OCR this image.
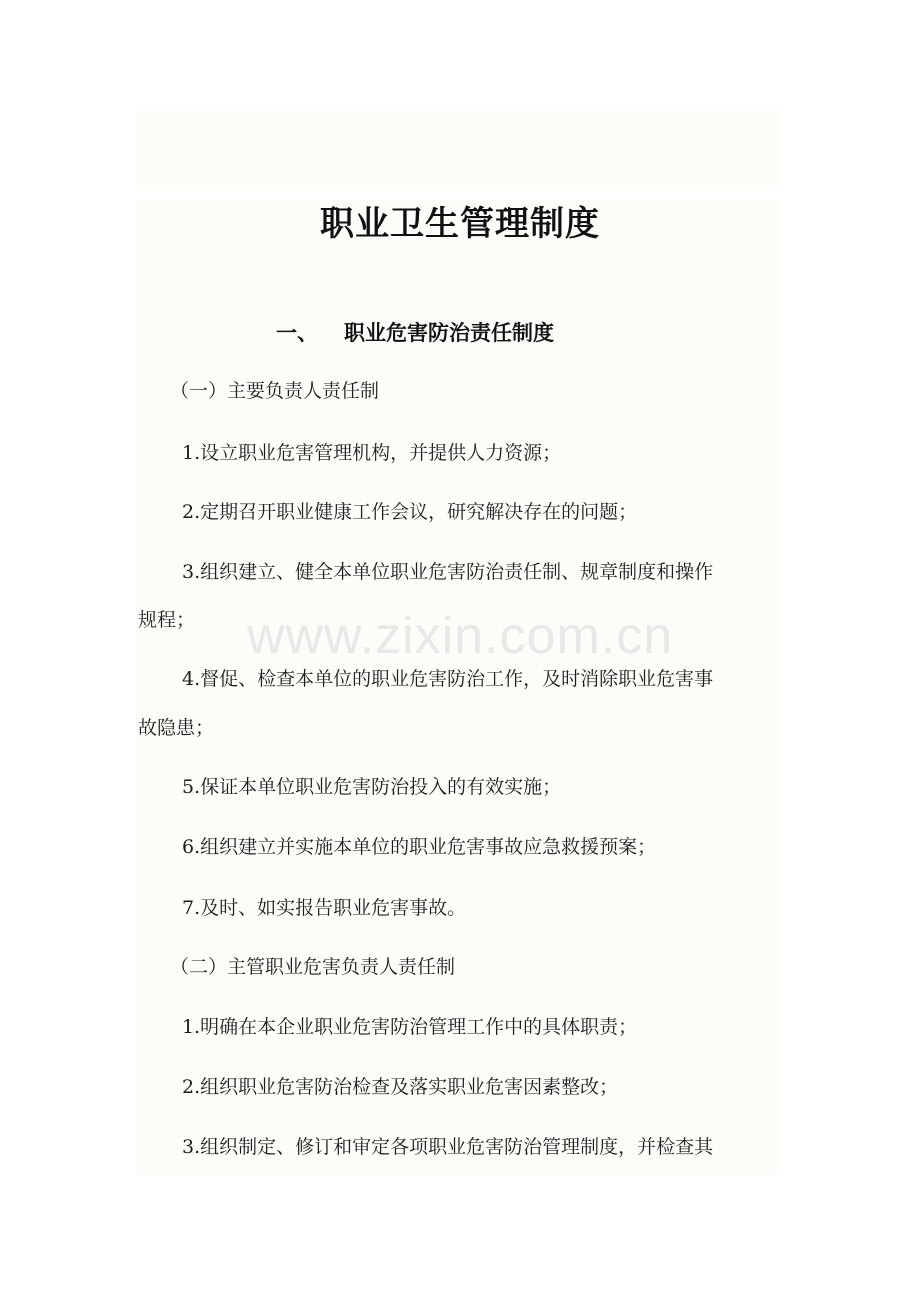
www.zixin.com.cn
职业卫生管理制度
一、 职业危害防治责任制度
（一）主要负责人责任制
1.设立职业危害管理机构，并提供人力资源；
2.定期召开职业健康工作会议，研究解决存在的问题；
3.组织建立、健全本单位职业危害防治责任制、规章制度和操作
规程；
4.督促、检查本单位的职业危害防治工作，及时消除职业危害事
故隐患；
5.保证本单位职业危害防治投入的有效实施；
6.组织建立并实施本单位的职业危害事故应急救援预案；
7.及时、如实报告职业危害事故。
（二）主管职业危害负责人责任制
1.明确在本企业职业危害防治管理工作中的具体职责；
2.组织职业危害防治检查及落实职业危害因素整改；
3.组织制定、修订和审定各项职业危害防治管理制度，并检查其
